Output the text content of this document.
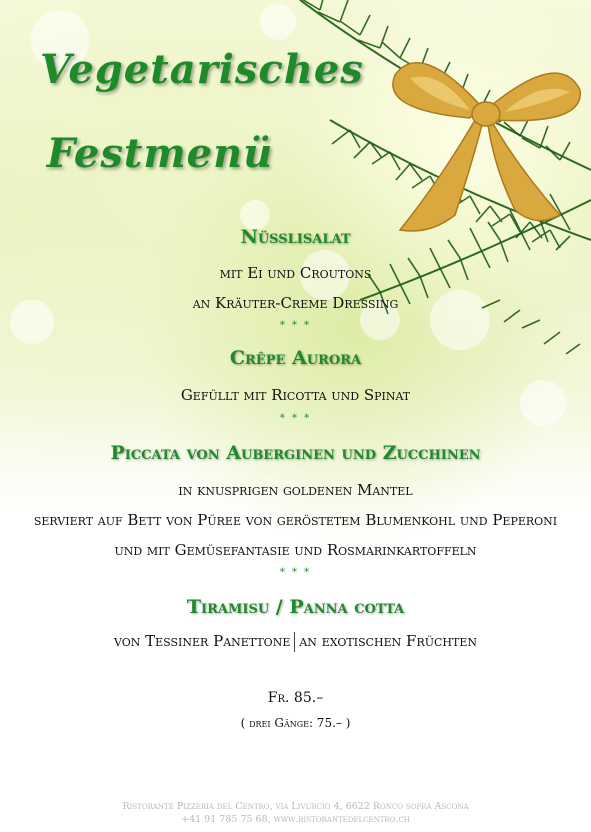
Vegetarisches
Festmenü
Nüsslisalat
mit Ei und Croutons
an Kräuter-Creme Dressing
* * *
Crêpe Aurora
Gefüllt mit Ricotta und Spinat
* * *
Piccata von Auberginen und Zucchinen
in knusprigen goldenen Mantel
serviert auf Bett von Püree von geröstetem Blumenkohl und Peperoni
und mit Gemüsefantasie und Rosmarinkartoffeln
* * *
Tiramisu / Panna cotta
von Tessiner Panettone an exotischen Früchten
Fr. 85.–
( drei Gänge: 75.– )
Ristorante Pizzeria del Centro, via Livurcio 4, 6622 Ronco sopra Ascona
+41 91 785 75 68, www.ristorantedelcentro.ch
